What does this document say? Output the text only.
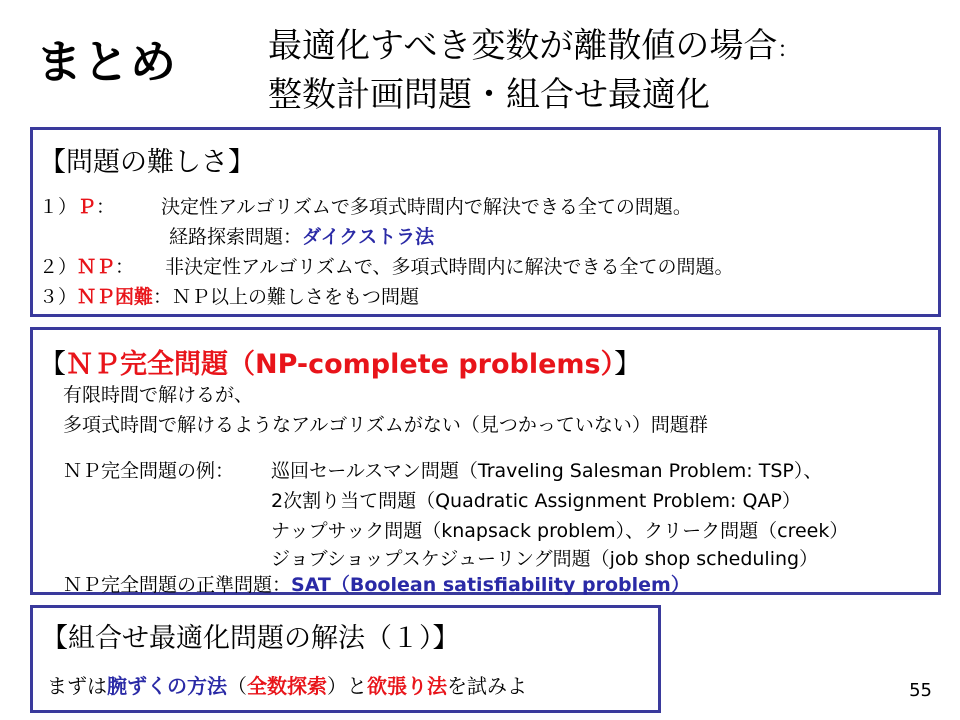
まとめ	最適化すべき変数が離散値の場合：
整数計画問題・組合せ最適化
【問題の難しさ】
１）Ｐ： 決定性アルゴリズムで多項式時間内で解決できる全ての問題。
経路探索問題：ダイクストラ法
２）ＮＰ： 非決定性アルゴリズムで、多項式時間内に解決できる全ての問題。
３）ＮＰ困難：ＮＰ以上の難しさをもつ問題
【ＮＰ完全問題（NP-complete problems）】
有限時間で解けるが、
多項式時間で解けるようなアルゴリズムがない（見つかっていない）問題群
ＮＰ完全問題の例： 巡回セールスマン問題（Traveling Salesman Problem: TSP）、
2次割り当て問題（Quadratic Assignment Problem: QAP）
ナップサック問題（knapsack problem）、クリーク問題（creek）
ジョブショップスケジューリング問題（job shop scheduling）
ＮＰ完全問題の正準問題：SAT（Boolean satisfiability problem）
【組合せ最適化問題の解法（１）】
まずは腕ずくの方法（全数探索）と欲張り法を試みよ	55
